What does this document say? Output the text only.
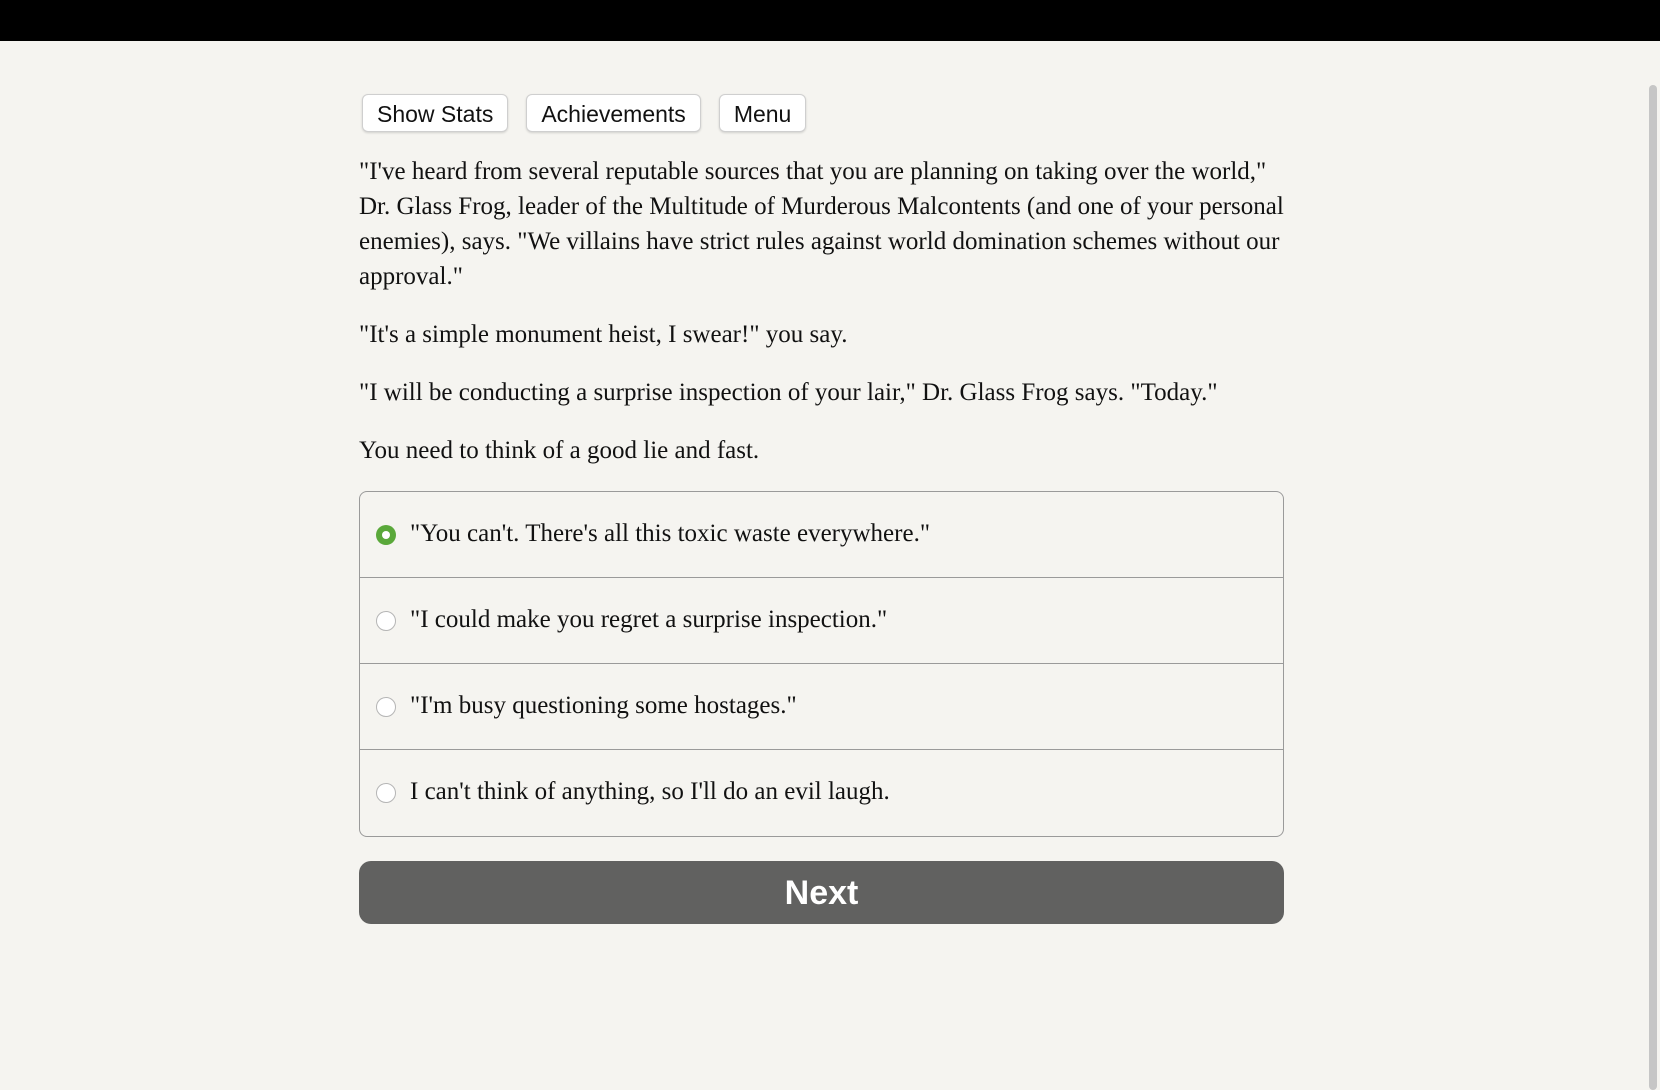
Show Stats	Achievements	Menu

"I've heard from several reputable sources that you are planning on taking over the world," Dr. Glass Frog, leader of the Multitude of Murderous Malcontents (and one of your personal enemies), says. "We villains have strict rules against world domination schemes without our approval."

"It's a simple monument heist, I swear!" you say.

"I will be conducting a surprise inspection of your lair," Dr. Glass Frog says. "Today."

You need to think of a good lie and fast.

"You can't. There's all this toxic waste everywhere."
"I could make you regret a surprise inspection."
"I'm busy questioning some hostages."
I can't think of anything, so I'll do an evil laugh.
Next
